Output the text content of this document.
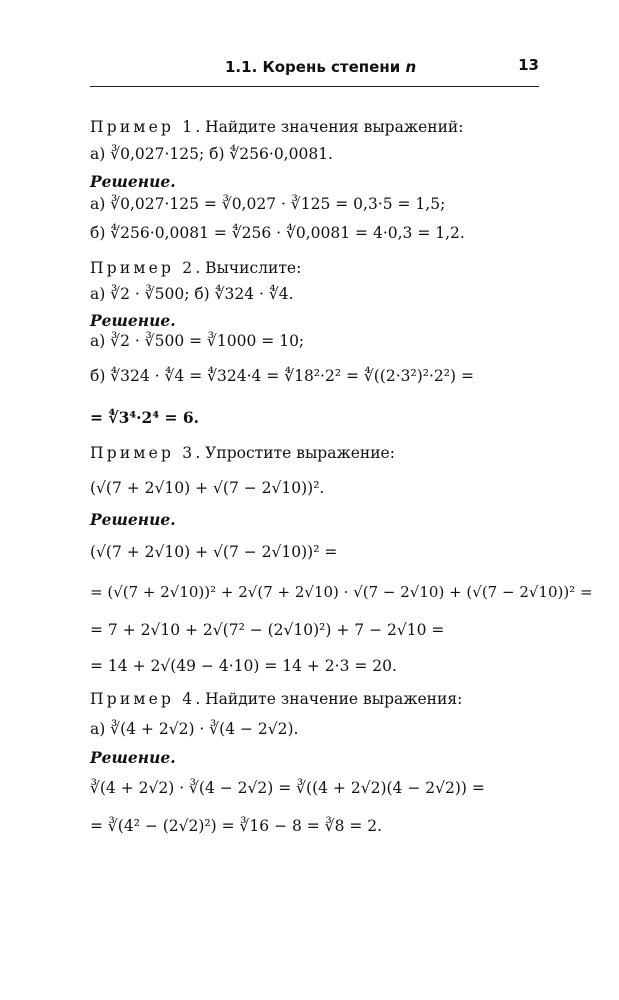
1.1. Корень степени n	13
Пример 1. Найдите значения выражений:
а) ∛0,027·125; б) ∜256·0,0081.
Решение.
а) ∛0,027·125 = ∛0,027 · ∛125 = 0,3·5 = 1,5;
б) ∜256·0,0081 = ∜256 · ∜0,0081 = 4·0,3 = 1,2.
Пример 2. Вычислите:
а) ∛2 · ∛500; б) ∜324 · ∜4.
Решение.
а) ∛2 · ∛500 = ∛1000 = 10;
б) ∜324 · ∜4 = ∜324·4 = ∜18²·2² = ∜((2·3²)²·2²) =
= ∜3⁴·2⁴ = 6.
Пример 3. Упростите выражение:
(√(7 + 2√10) + √(7 − 2√10))².
Решение.
(√(7 + 2√10) + √(7 − 2√10))² =
= (√(7 + 2√10))² + 2√(7 + 2√10) · √(7 − 2√10) + (√(7 − 2√10))² =
= 7 + 2√10 + 2√(7² − (2√10)²) + 7 − 2√10 =
= 14 + 2√(49 − 4·10) = 14 + 2·3 = 20.
Пример 4. Найдите значение выражения:
а) ∛(4 + 2√2) · ∛(4 − 2√2).
Решение.
∛(4 + 2√2) · ∛(4 − 2√2) = ∛((4 + 2√2)(4 − 2√2)) =
= ∛(4² − (2√2)²) = ∛16 − 8 = ∛8 = 2.
